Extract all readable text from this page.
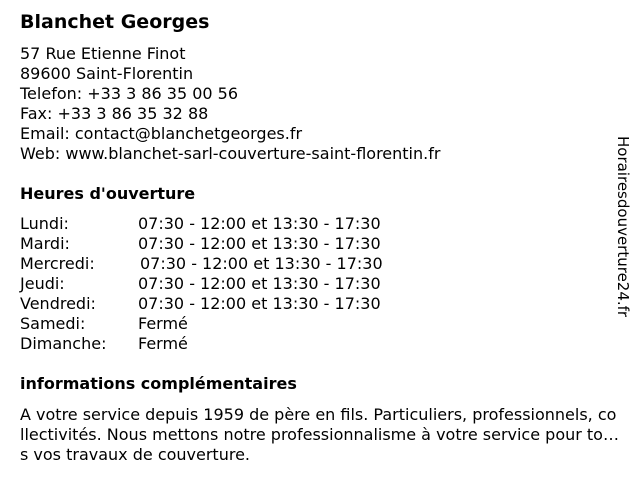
Blanchet Georges
57 Rue Etienne Finot
89600 Saint-Florentin
Telefon: +33 3 86 35 00 56
Fax: +33 3 86 35 32 88
Email: contact@blanchetgeorges.fr
Web: www.blanchet-sarl-couverture-saint-florentin.fr
Heures d'ouverture
Lundi:	07:30 - 12:00 et 13:30 - 17:30
Mardi:	07:30 - 12:00 et 13:30 - 17:30
Mercredi:	07:30 - 12:00 et 13:30 - 17:30
Jeudi:	07:30 - 12:00 et 13:30 - 17:30
Vendredi:	07:30 - 12:00 et 13:30 - 17:30
Samedi:	Fermé
Dimanche: Fermé
informations complémentaires
A votre service depuis 1959 de père en fils. Particuliers, professionnels, collectivités. Nous mettons notre professionnalisme à votre service pour tous vos travaux de couverture.
Horairesdouverture24.fr
